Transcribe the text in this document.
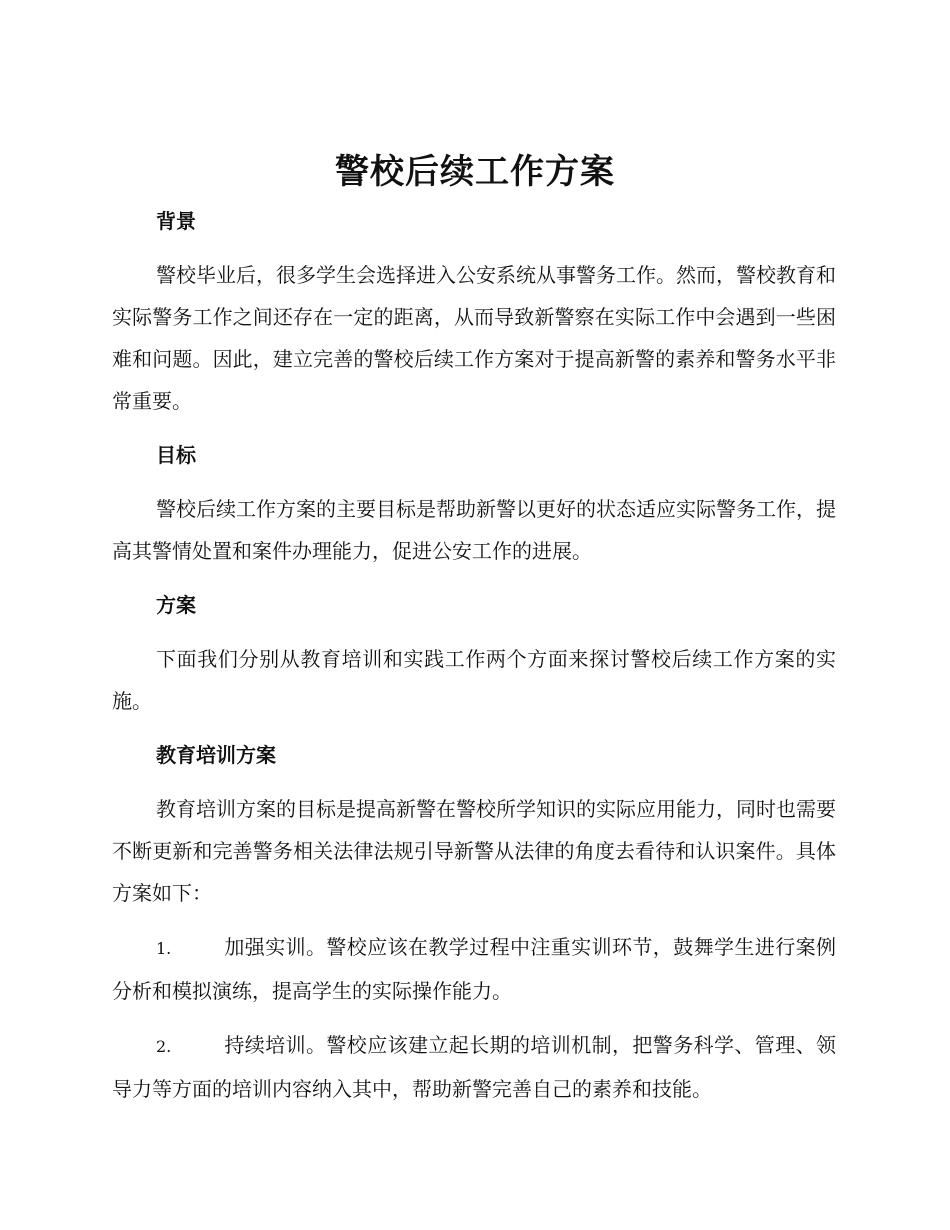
警校后续工作方案
背景

警校毕业后，很多学生会选择进入公安系统从事警务工作。然而，警校教育和实际警务工作之间还存在一定的距离，从而导致新警察在实际工作中会遇到一些困难和问题。因此，建立完善的警校后续工作方案对于提高新警的素养和警务水平非常重要。

目标

警校后续工作方案的主要目标是帮助新警以更好的状态适应实际警务工作，提高其警情处置和案件办理能力，促进公安工作的进展。

方案

下面我们分别从教育培训和实践工作两个方面来探讨警校后续工作方案的实施。

教育培训方案

教育培训方案的目标是提高新警在警校所学知识的实际应用能力，同时也需要不断更新和完善警务相关法律法规引导新警从法律的角度去看待和认识案件。具体方案如下：

1.	加强实训。警校应该在教学过程中注重实训环节，鼓舞学生进行案例分析和模拟演练，提高学生的实际操作能力。

2.	持续培训。警校应该建立起长期的培训机制，把警务科学、管理、领导力等方面的培训内容纳入其中，帮助新警完善自己的素养和技能。
